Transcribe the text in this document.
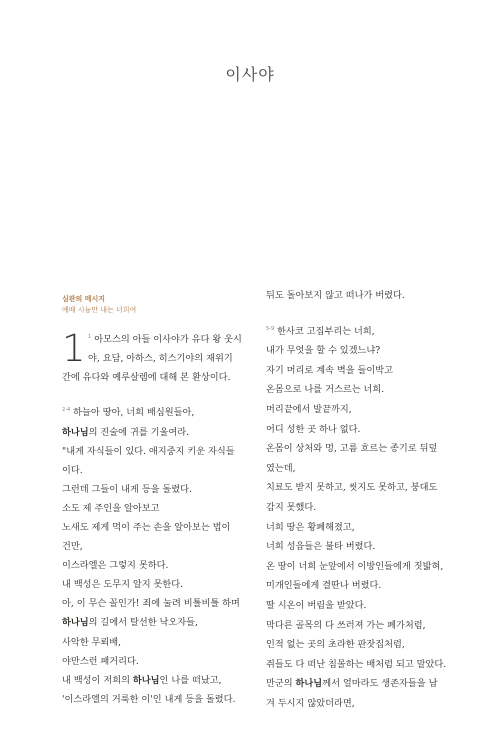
이사야

심판의 메시지

예배 시늉만 내는 너희여

1 $^1$ 아모스의 아들 이사야가 유다 왕 웃시

야, 요담, 아하스, 히스기야의 재위기

간에 유다와 예루살렘에 대해 본 환상이다.

$^{2-4}$ 하늘아 땅아, 너희 배심원들아,

하나님의 진술에 귀를 기울여라.

"내게 자식들이 있다. 애지중지 키운 자식들

이다.

그런데 그들이 내게 등을 돌렸다.

소도 제 주인을 알아보고

노새도 제게 먹이 주는 손을 알아보는 법이

건만,

이스라엘은 그렇지 못하다.

내 백성은 도무지 알지 못한다.

아, 이 무슨 꼴인가! 죄에 눌려 비틀비틀 하며

하나님의 길에서 탈선한 낙오자들,

사악한 무뢰배,

야만스런 패거리다.

내 백성이 저희의 하나님인 나를 떠났고,

'이스라엘의 거룩한 이'인 내게 등을 돌렸다.

뒤도 돌아보지 않고 떠나가 버렸다.

$^{5-9}$ 한사코 고집부리는 너희,

내가 무엇을 할 수 있겠느냐?

자기 머리로 계속 벽을 들이박고

온몸으로 나를 거스르는 너희.

머리끝에서 발끝까지,

어디 성한 곳 하나 없다.

온몸이 상처와 멍, 고름 흐르는 종기로 뒤덮

였는데,

치료도 받지 못하고, 씻지도 못하고, 붕대도

감지 못했다.

너희 땅은 황폐해졌고,

너희 성읍들은 불타 버렸다.

온 땅이 너희 눈앞에서 이방인들에게 짓밟혀,

미개인들에게 결딴나 버렸다.

딸 시온이 버림을 받았다.

막다른 골목의 다 쓰러져 가는 폐가처럼,

인적 없는 곳의 초라한 판잣집처럼,

쥐들도 다 떠난 침몰하는 배처럼 되고 말았다.

만군의 하나님께서 얼마라도 생존자들을 남

겨 두시지 않았더라면,
